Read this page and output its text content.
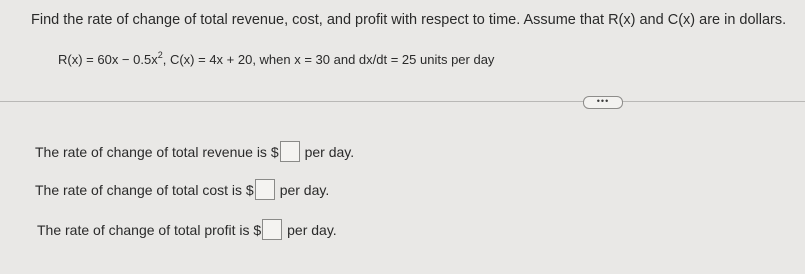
Find the rate of change of total revenue, cost, and profit with respect to time. Assume that R(x) and C(x) are in dollars.
$R(x) = 60x - 0.5x^2$, C(x) = 4x + 20, when x = 30 and dx/dt = 25 units per day
•••
The rate of change of total revenue is $ per day.
The rate of change of total cost is $ per day.
The rate of change of total profit is $ per day.
